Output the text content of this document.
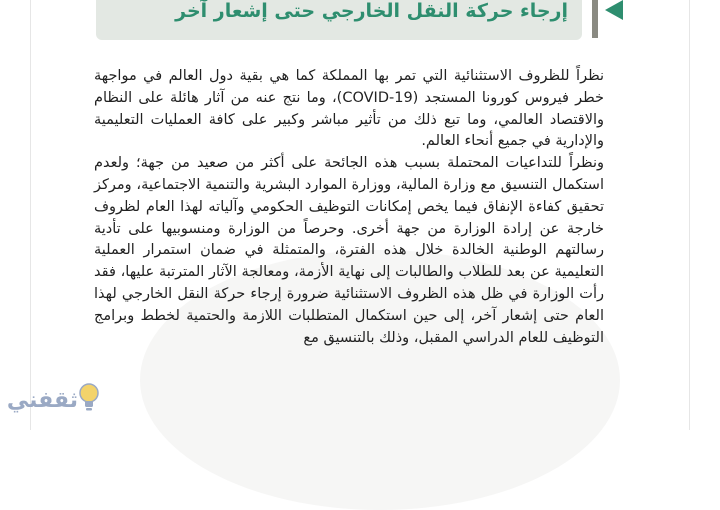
إرجاء حركة النقل الخارجي حتى إشعار آخر

نظراً للظروف الاستثنائية التي تمر بها المملكة كما هي بقية دول العالم في مواجهة خطر فيروس كورونا المستجد (COVID-19)، وما نتج عنه من آثار هائلة على النظام والاقتصاد العالمي، وما تبع ذلك من تأثير مباشر وكبير على كافة العمليات التعليمية والإدارية في جميع أنحاء العالم.

ونظراً للتداعيات المحتملة بسبب هذه الجائحة على أكثر من صعيد من جهة؛ ولعدم استكمال التنسيق مع وزارة المالية، ووزارة الموارد البشرية والتنمية الاجتماعية، ومركز تحقيق كفاءة الإنفاق فيما يخص إمكانات التوظيف الحكومي وآلياته لهذا العام لظروف خارجة عن إرادة الوزارة من جهة أخرى. وحرصاً من الوزارة ومنسوبيها على تأدية رسالتهم الوطنية الخالدة خلال هذه الفترة، والمتمثلة في ضمان استمرار العملية التعليمية عن بعد للطلاب والطالبات إلى نهاية الأزمة، ومعالجة الآثار المترتبة عليها، فقد رأت الوزارة في ظل هذه الظروف الاستثنائية ضرورة إرجاء حركة النقل الخارجي لهذا العام حتى إشعار آخر، إلى حين استكمال المتطلبات اللازمة والحتمية لخطط وبرامج التوظيف للعام الدراسي المقبل، وذلك بالتنسيق مع

ثقفني
